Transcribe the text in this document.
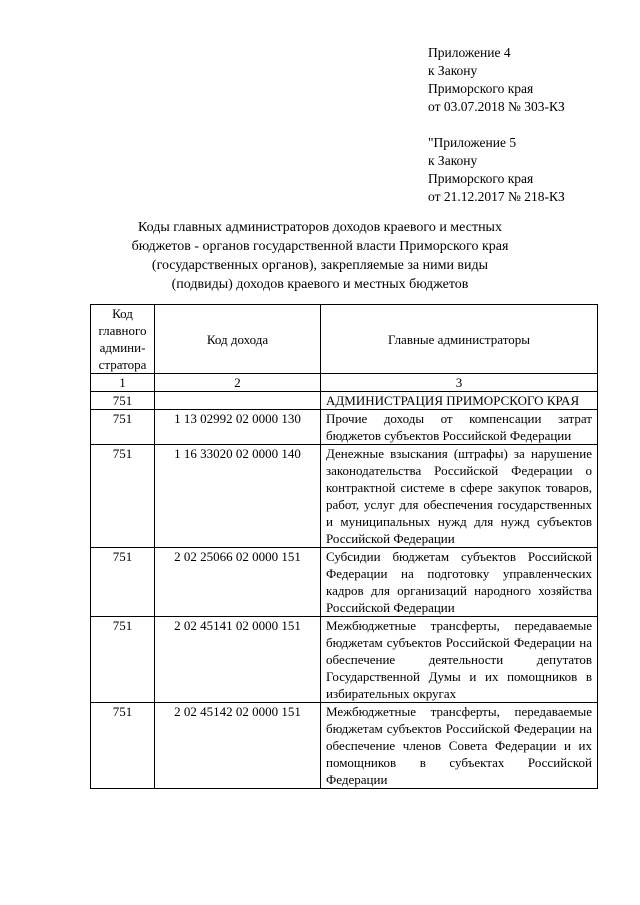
Приложение 4
к Закону
Приморского края
от 03.07.2018 № 303-КЗ
"Приложение 5
к Закону
Приморского края
от 21.12.2017 № 218-КЗ
Коды главных администраторов доходов краевого и местных
бюджетов - органов государственной власти Приморского края
(государственных органов), закрепляемые за ними виды
(подвиды) доходов краевого и местных бюджетов
Код главного админи-стратора	Код дохода	Главные администраторы
1	2	3
751		АДМИНИСТРАЦИЯ ПРИМОРСКОГО КРАЯ
751	1 13 02992 02 0000 130	Прочие доходы от компенсации затрат бюджетов субъектов Российской Федерации
751	1 16 33020 02 0000 140	Денежные взыскания (штрафы) за нарушение законодательства Российской Федерации о контрактной системе в сфере закупок товаров, работ, услуг для обеспечения государственных и муниципальных нужд для нужд субъектов Российской Федерации
751	2 02 25066 02 0000 151	Субсидии бюджетам субъектов Российской Федерации на подготовку управленческих кадров для организаций народного хозяйства Российской Федерации
751	2 02 45141 02 0000 151	Межбюджетные трансферты, передаваемые бюджетам субъектов Российской Федерации на обеспечение деятельности депутатов Государственной Думы и их помощников в избирательных округах
751	2 02 45142 02 0000 151	Межбюджетные трансферты, передаваемые бюджетам субъектов Российской Федерации на обеспечение членов Совета Федерации и их помощников в субъектах Российской Федерации
